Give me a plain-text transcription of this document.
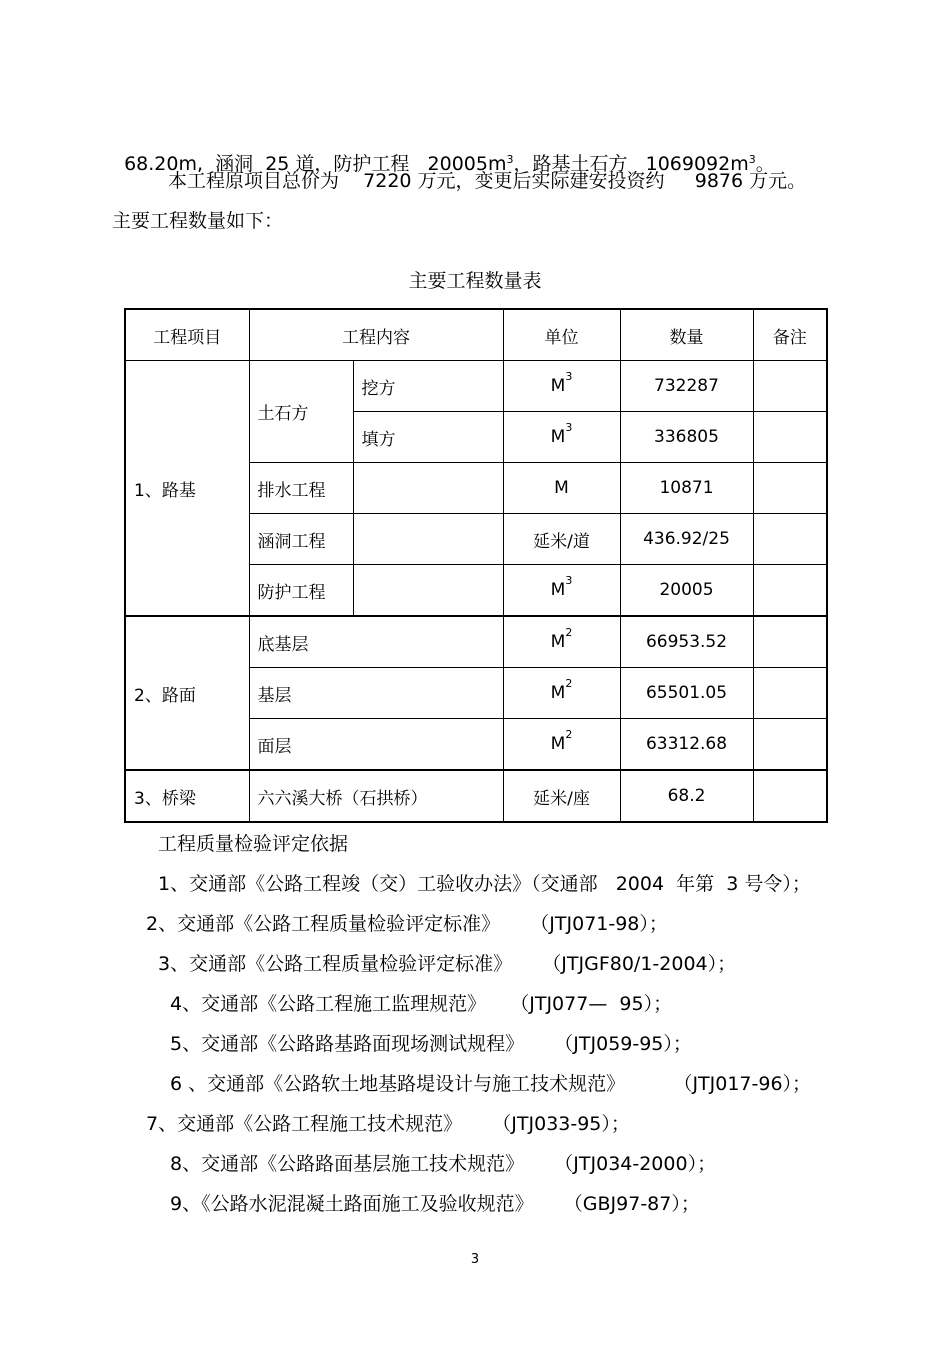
68.20m,  涵洞  25 道，防护工程   $20005m^3$，路基土石方   $1069092m^3$。

本工程原项目总价为    7220 万元，变更后实际建安投资约     9876 万元。
主要工程数量如下：
主要工程数量表
工程项目	工程内容		单位	数量	备注
1、路基	土石方	挖方	$M^3$	732287	
		填方	$M^3$	336805	
	排水工程		M	10871	
	涵洞工程		延米/道	436.92/25	
	防护工程		$M^3$	20005	
2、路面	底基层		$M^2$	66953.52	
	基层		$M^2$	65501.05	
	面层		$M^2$	63312.68	
3、桥梁	六六溪大桥（石拱桥）		延米/座	68.2	
工程质量检验评定依据
1、交通部《公路工程竣（交）工验收办法》（交通部   2004  年第  3 号令）；
2、交通部《公路工程质量检验评定标准》     （JTJ071-98）；
3、交通部《公路工程质量检验评定标准》     （JTJGF80/1-2004）；
4、交通部《公路工程施工监理规范》    （JTJ077—  95）；
5、交通部《公路路基路面现场测试规程》     （JTJ059-95）；
6 、交通部《公路软土地基路堤设计与施工技术规范》        （JTJ017-96）；
7、交通部《公路工程施工技术规范》     （JTJ033-95）；
8、交通部《公路路面基层施工技术规范》     （JTJ034-2000）；
9、《公路水泥混凝土路面施工及验收规范》     （GBJ97-87）；
3
